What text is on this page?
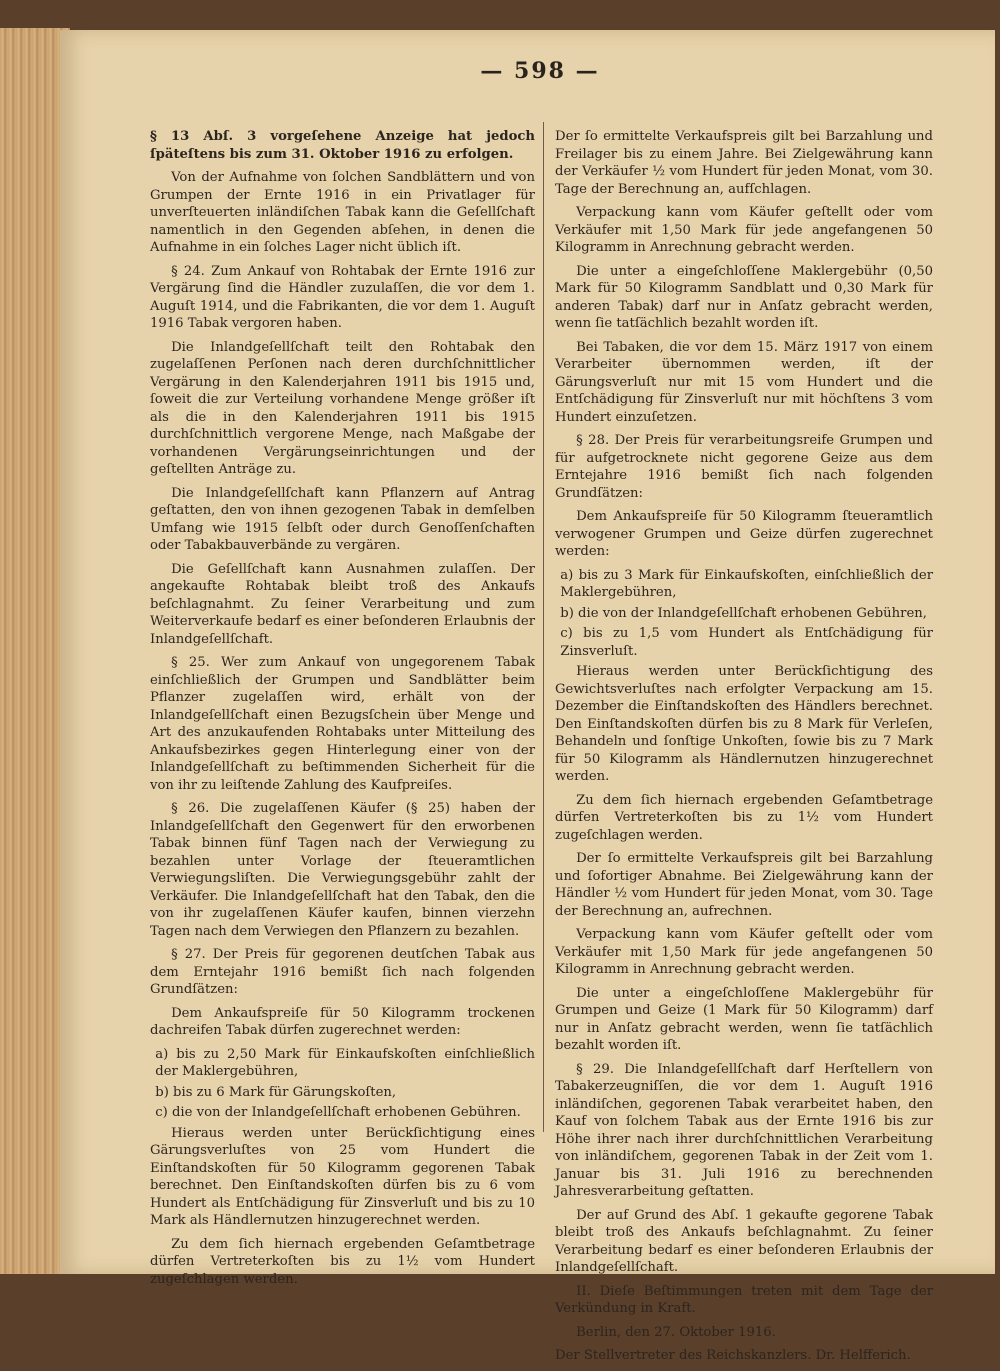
— 598 —

§ 13 Abſ. 3 vorgeſehene Anzeige hat jedoch ſpäteſtens bis zum 31. Oktober 1916 zu erfolgen.

Von der Aufnahme von ſolchen Sandblättern und von Grumpen der Ernte 1916 in ein Privatlager für unverſteuerten inländiſchen Tabak kann die Geſellſchaft namentlich in den Gegenden abſehen, in denen die Aufnahme in ein ſolches Lager nicht üblich iſt.

§ 24. Zum Ankauf von Rohtabak der Ernte 1916 zur Vergärung ſind die Händler zuzulaſſen, die vor dem 1. Auguſt 1914, und die Fabrikanten, die vor dem 1. Auguſt 1916 Tabak vergoren haben.

Die Inlandgeſellſchaft teilt den Rohtabak den zugelaſſenen Perſonen nach deren durchſchnittlicher Vergärung in den Kalenderjahren 1911 bis 1915 und, ſoweit die zur Verteilung vorhandene Menge größer iſt als die in den Kalenderjahren 1911 bis 1915 durchſchnittlich vergorene Menge, nach Maßgabe der vorhandenen Vergärungseinrichtungen und der geſtellten Anträge zu.

Die Inlandgeſellſchaft kann Pflanzern auf Antrag geſtatten, den von ihnen gezogenen Tabak in demſelben Umfang wie 1915 ſelbſt oder durch Genoſſenſchaften oder Tabakbauverbände zu vergären.

Die Geſellſchaft kann Ausnahmen zulaſſen. Der angekaufte Rohtabak bleibt troß des Ankaufs beſchlagnahmt. Zu ſeiner Verarbeitung und zum Weiterverkaufe bedarf es einer beſonderen Erlaubnis der Inlandgeſellſchaft.

§ 25. Wer zum Ankauf von ungegorenem Tabak einſchließlich der Grumpen und Sandblätter beim Pflanzer zugelaſſen wird, erhält von der Inlandgeſellſchaft einen Bezugsſchein über Menge und Art des anzukaufenden Rohtabaks unter Mitteilung des Ankaufsbezirkes gegen Hinterlegung einer von der Inlandgeſellſchaft zu beſtimmenden Sicherheit für die von ihr zu leiſtende Zahlung des Kaufpreiſes.

§ 26. Die zugelaſſenen Käufer (§ 25) haben der Inlandgeſellſchaft den Gegenwert für den erworbenen Tabak binnen fünf Tagen nach der Verwiegung zu bezahlen unter Vorlage der ſteueramtlichen Verwiegungsliſten. Die Verwiegungsgebühr zahlt der Verkäufer. Die Inlandgeſellſchaft hat den Tabak, den die von ihr zugelaſſenen Käufer kaufen, binnen vierzehn Tagen nach dem Verwiegen den Pflanzern zu bezahlen.

§ 27. Der Preis für gegorenen deutſchen Tabak aus dem Erntejahr 1916 bemißt ſich nach folgenden Grundſätzen:

Dem Ankaufspreiſe für 50 Kilogramm trockenen dachreifen Tabak dürfen zugerechnet werden:

a) bis zu 2,50 Mark für Einkaufskoſten einſchließlich der Maklergebühren,

b) bis zu 6 Mark für Gärungskoſten,

c) die von der Inlandgeſellſchaft erhobenen Gebühren.

Hieraus werden unter Berückſichtigung eines Gärungsverluſtes von 25 vom Hundert die Einſtandskoſten für 50 Kilogramm gegorenen Tabak berechnet. Den Einſtandskoſten dürfen bis zu 6 vom Hundert als Entſchädigung für Zinsverluſt und bis zu 10 Mark als Händlernutzen hinzugerechnet werden.

Zu dem ſich hiernach ergebenden Geſamtbetrage dürfen Vertreterkoſten bis zu 1½ vom Hundert zugeſchlagen werden.

Der ſo ermittelte Verkaufspreis gilt bei Barzahlung und Freilager bis zu einem Jahre. Bei Zielgewährung kann der Verkäufer ½ vom Hundert für jeden Monat, vom 30. Tage der Berechnung an, aufſchlagen.

Verpackung kann vom Käufer geſtellt oder vom Verkäufer mit 1,50 Mark für jede angefangenen 50 Kilogramm in Anrechnung gebracht werden.

Die unter a eingeſchloſſene Maklergebühr (0,50 Mark für 50 Kilogramm Sandblatt und 0,30 Mark für anderen Tabak) darf nur in Anſatz gebracht werden, wenn ſie tatſächlich bezahlt worden iſt.

Bei Tabaken, die vor dem 15. März 1917 von einem Verarbeiter übernommen werden, iſt der Gärungsverluſt nur mit 15 vom Hundert und die Entſchädigung für Zinsverluſt nur mit höchſtens 3 vom Hundert einzuſetzen.

§ 28. Der Preis für verarbeitungsreife Grumpen und für aufgetrocknete nicht gegorene Geize aus dem Erntejahre 1916 bemißt ſich nach folgenden Grundſätzen:

Dem Ankaufspreiſe für 50 Kilogramm ſteueramtlich verwogener Grumpen und Geize dürfen zugerechnet werden:

a) bis zu 3 Mark für Einkaufskoſten, einſchließlich der Maklergebühren,

b) die von der Inlandgeſellſchaft erhobenen Gebühren,

c) bis zu 1,5 vom Hundert als Entſchädigung für Zinsverluſt.

Hieraus werden unter Berückſichtigung des Gewichtsverluſtes nach erfolgter Verpackung am 15. Dezember die Einſtandskoſten des Händlers berechnet. Den Einſtandskoſten dürfen bis zu 8 Mark für Verleſen, Behandeln und ſonſtige Unkoſten, ſowie bis zu 7 Mark für 50 Kilogramm als Händlernutzen hinzugerechnet werden.

Zu dem ſich hiernach ergebenden Geſamtbetrage dürfen Vertreterkoſten bis zu 1½ vom Hundert zugeſchlagen werden.

Der ſo ermittelte Verkaufspreis gilt bei Barzahlung und ſofortiger Abnahme. Bei Zielgewährung kann der Händler ½ vom Hundert für jeden Monat, vom 30. Tage der Berechnung an, aufrechnen.

Verpackung kann vom Käufer geſtellt oder vom Verkäufer mit 1,50 Mark für jede angefangenen 50 Kilogramm in Anrechnung gebracht werden.

Die unter a eingeſchloſſene Maklergebühr für Grumpen und Geize (1 Mark für 50 Kilogramm) darf nur in Anſatz gebracht werden, wenn ſie tatſächlich bezahlt worden iſt.

§ 29. Die Inlandgeſellſchaft darf Herſtellern von Tabakerzeugniſſen, die vor dem 1. Auguſt 1916 inländiſchen, gegorenen Tabak verarbeitet haben, den Kauf von ſolchem Tabak aus der Ernte 1916 bis zur Höhe ihrer nach ihrer durchſchnittlichen Verarbeitung von inländiſchem, gegorenen Tabak in der Zeit vom 1. Januar bis 31. Juli 1916 zu berechnenden Jahresverarbeitung geſtatten.

Der auf Grund des Abſ. 1 gekaufte gegorene Tabak bleibt troß des Ankaufs beſchlagnahmt. Zu ſeiner Verarbeitung bedarf es einer beſonderen Erlaubnis der Inlandgeſellſchaft.

II. Dieſe Beſtimmungen treten mit dem Tage der Verkündung in Kraft.

Berlin, den 27. Oktober 1916.

Der Stellvertreter des Reichskanzlers. Dr. Helfferich.
